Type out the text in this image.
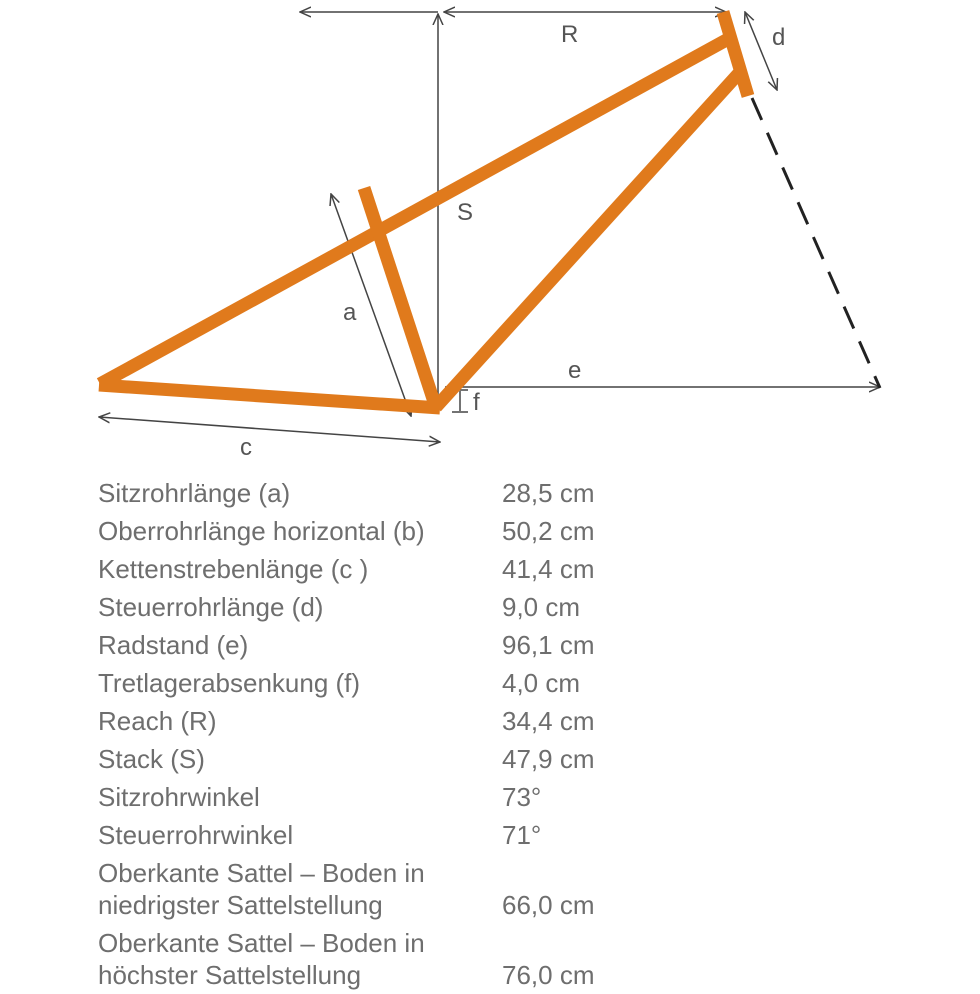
R	d
S
a
e
f
c
Sitzrohrlänge (a)	28,5 cm
Oberrohrlänge horizontal (b)	50,2 cm
Kettenstrebenlänge (c )	41,4 cm
Steuerrohrlänge (d)	9,0 cm
Radstand (e)	96,1 cm
Tretlagerabsenkung (f)	4,0 cm
Reach (R)	34,4 cm
Stack (S)	47,9 cm
Sitzrohrwinkel	73°
Steuerrohrwinkel	71°
Oberkante Sattel – Boden in niedrigster Sattelstellung	66,0 cm
Oberkante Sattel – Boden in höchster Sattelstellung	76,0 cm
